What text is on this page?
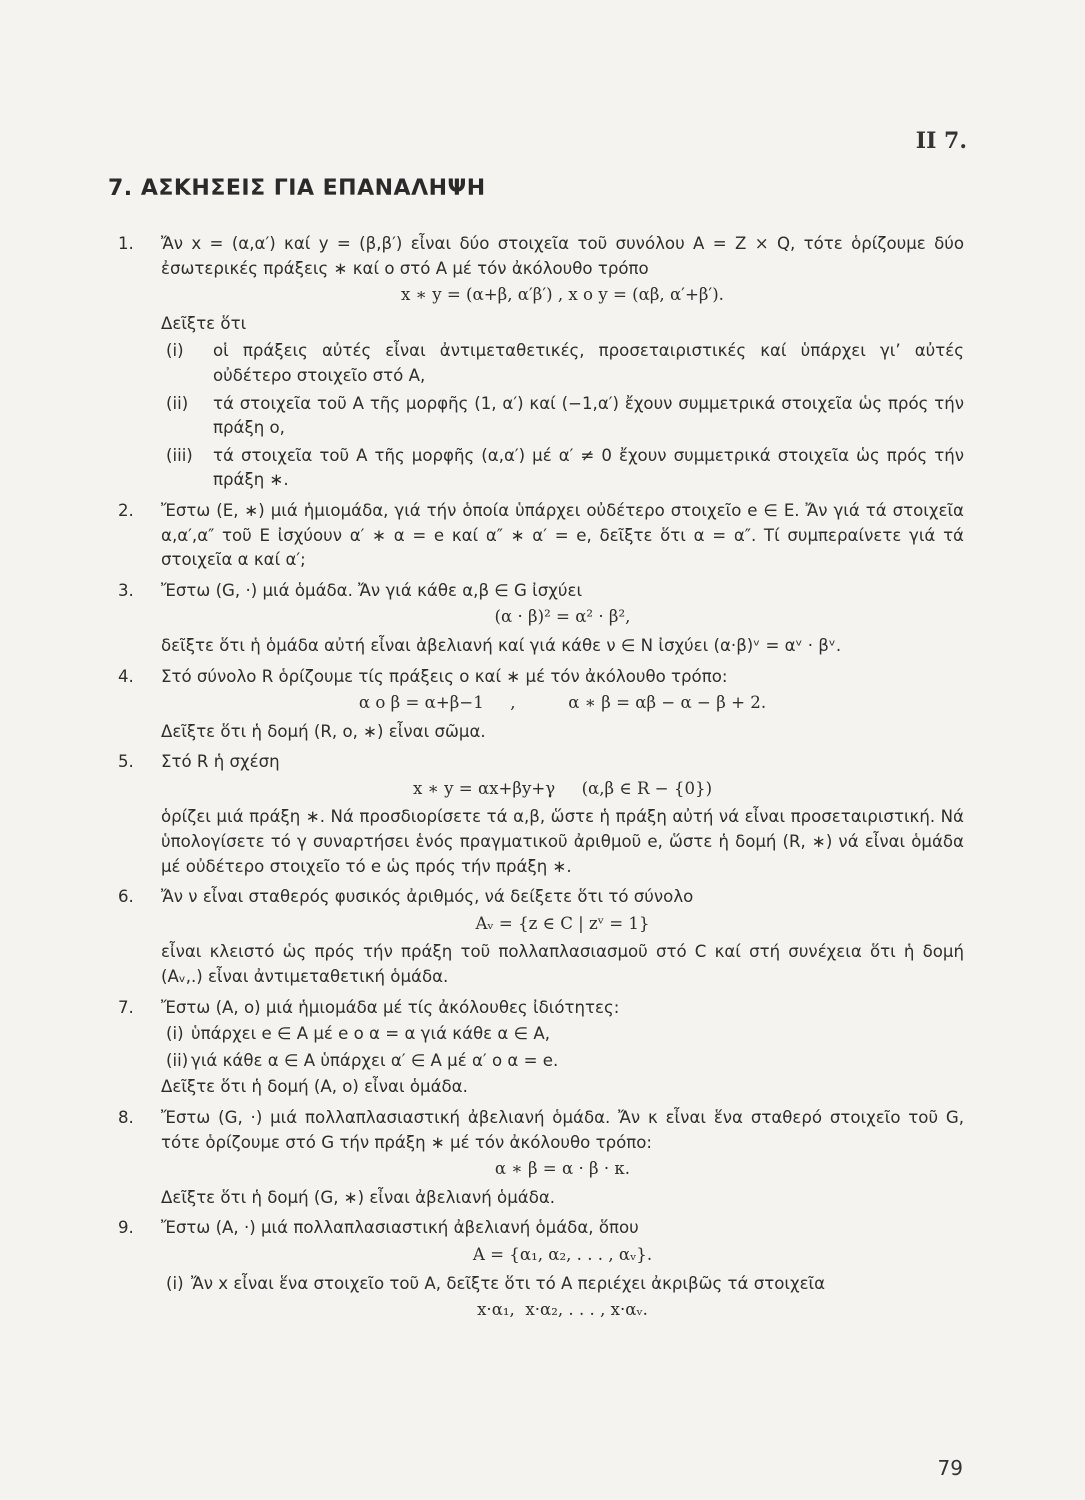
II 7.
7. ΑΣΚΗΣΕΙΣ ΓΙΑ ΕΠΑΝΑΛΗΨΗ
1.	Ἄν x = (α,α′) καί y = (β,β′) εἶναι δύο στοιχεῖα τοῦ συνόλου A = Z × Q, τότε ὁρίζουμε δύο ἐσωτερικές πράξεις ∗ καί ο στό A μέ τόν ἀκόλουθο τρόπο

x ∗ y = (α+β, α′β′) , x ο y = (αβ, α′+β′).

Δεῖξτε ὅτι

(i) οἱ πράξεις αὐτές εἶναι ἀντιμεταθετικές, προσεταιριστικές καί ὑπάρχει γι’ αὐτές οὐδέτερο στοιχεῖο στό A,

(ii) τά στοιχεῖα τοῦ A τῆς μορφῆς (1, α′) καί (−1,α′) ἔχουν συμμετρικά στοιχεῖα ὡς πρός τήν πράξη ο,

(iii) τά στοιχεῖα τοῦ A τῆς μορφῆς (α,α′) μέ α′ ≠ 0 ἔχουν συμμετρικά στοιχεῖα ὡς πρός τήν πράξη ∗.

2.	Ἔστω (E, ∗) μιά ἡμιομάδα, γιά τήν ὁποία ὑπάρχει οὐδέτερο στοιχεῖο e ∈ E. Ἄν γιά τά στοιχεῖα α,α′,α″ τοῦ E ἰσχύουν α′ ∗ α = e καί α″ ∗ α′ = e, δεῖξτε ὅτι α = α″. Τί συμπεραίνετε γιά τά στοιχεῖα α καί α′;

3.	Ἔστω (G, ·) μιά ὁμάδα. Ἄν γιά κάθε α,β ∈ G ἰσχύει

(α · β)² = α² · β²,

δεῖξτε ὅτι ἡ ὁμάδα αὐτή εἶναι ἀβελιανή καί γιά κάθε ν ∈ N ἰσχύει (α·β)ᵛ = αᵛ · βᵛ.

4.	Στό σύνολο R ὁρίζουμε τίς πράξεις ο καί ∗ μέ τόν ἀκόλουθο τρόπο:

α ο β = α+β−1     ,          α ∗ β = αβ − α − β + 2.

Δεῖξτε ὅτι ἡ δομή (R, ο, ∗) εἶναι σῶμα.

5.	Στό R ἡ σχέση

x ∗ y = αx+βy+γ     (α,β ∈ R − {0})

ὁρίζει μιά πράξη ∗. Νά προσδιορίσετε τά α,β, ὥστε ἡ πράξη αὐτή νά εἶναι προσεταιριστική. Νά ὑπολογίσετε τό γ συναρτήσει ἑνός πραγματικοῦ ἀριθμοῦ e, ὥστε ἡ δομή (R, ∗) νά εἶναι ὁμάδα μέ οὐδέτερο στοιχεῖο τό e ὡς πρός τήν πράξη ∗.

6.	Ἄν ν εἶναι σταθερός φυσικός ἀριθμός, νά δείξετε ὅτι τό σύνολο

Aᵥ = {z ∈ C | zᵛ = 1}

εἶναι κλειστό ὡς πρός τήν πράξη τοῦ πολλαπλασιασμοῦ στό C καί στή συνέχεια ὅτι ἡ δομή (Aᵥ,.) εἶναι ἀντιμεταθετική ὁμάδα.

7.	Ἔστω (A, ο) μιά ἡμιομάδα μέ τίς ἀκόλουθες ἰδιότητες:

(i) ὑπάρχει e ∈ A μέ e ο α = α γιά κάθε α ∈ A,

(ii) γιά κάθε α ∈ A ὑπάρχει α′ ∈ A μέ α′ ο α = e.

Δεῖξτε ὅτι ἡ δομή (A, ο) εἶναι ὁμάδα.

8.	Ἔστω (G, ·) μιά πολλαπλασιαστική ἀβελιανή ὁμάδα. Ἄν κ εἶναι ἕνα σταθερό στοιχεῖο τοῦ G, τότε ὁρίζουμε στό G τήν πράξη ∗ μέ τόν ἀκόλουθο τρόπο:

α ∗ β = α · β · κ.

Δεῖξτε ὅτι ἡ δομή (G, ∗) εἶναι ἀβελιανή ὁμάδα.

9.	Ἔστω (A, ·) μιά πολλαπλασιαστική ἀβελιανή ὁμάδα, ὅπου

A = {α₁, α₂, . . . , αᵥ}.
(i) Ἄν x εἶναι ἕνα στοιχεῖο τοῦ A, δεῖξτε ὅτι τό A περιέχει ἀκριβῶς τά στοιχεῖα

x·α₁,  x·α₂, . . . , x·αᵥ.
79
